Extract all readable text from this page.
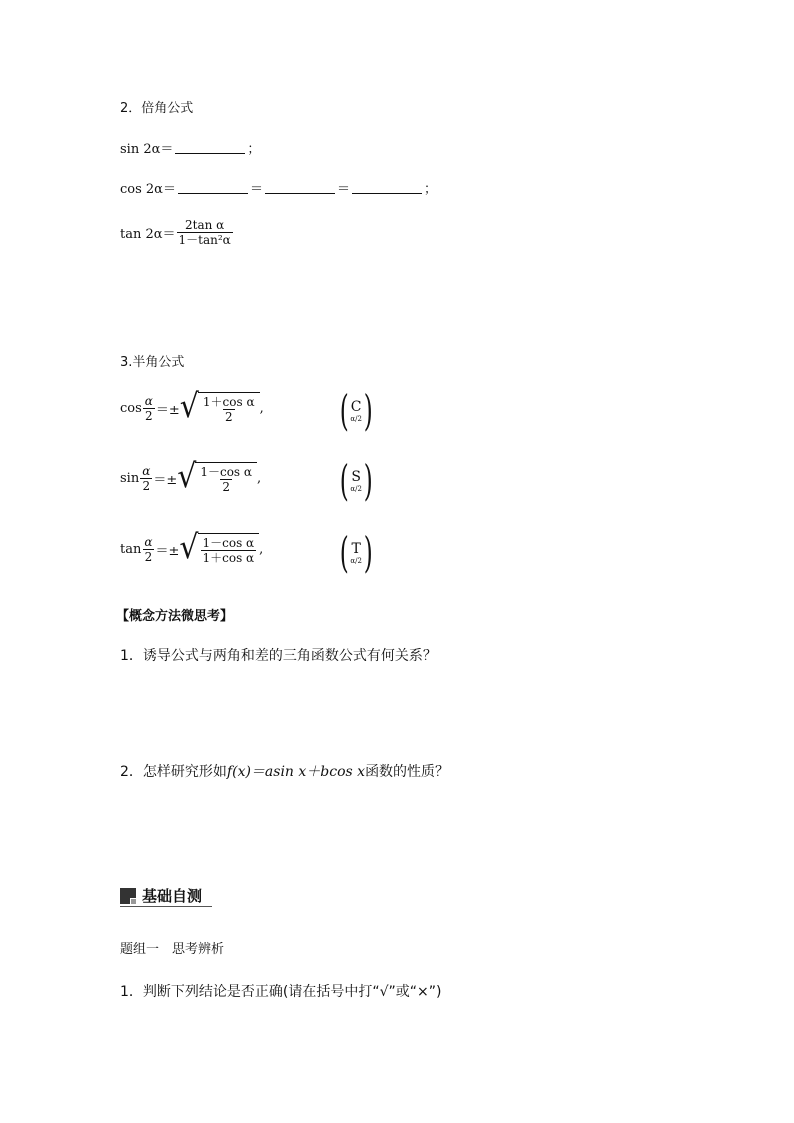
2．倍角公式
sin 2α＝	；
cos 2α＝	＝	＝	；
$\tan 2\alpha= \frac{\text{2tan α}}{\text{1－tan²α}}$
3.半角公式
$\cos \frac{\alpha}{2}$ ＝± √ $\frac{\text{1＋cos α}}{2}$ , ( C
α/2 )
$\sin \frac{\alpha}{2}$ ＝± √ $\frac{\text{1－cos α}}{2}$ , ( S
α/2 )
$\tan \frac{\alpha}{2}$ ＝± √ $\frac{\text{1－cos α}}{\text{1＋cos α}}$ , ( T
α/2 )
【概念方法微思考】
1．诱导公式与两角和差的三角函数公式有何关系？
2．怎样研究形如f(x)＝asin x＋bcos x函数的性质？
基础自测
题组一　思考辨析
1．判断下列结论是否正确(请在括号中打“√”或“×”)
